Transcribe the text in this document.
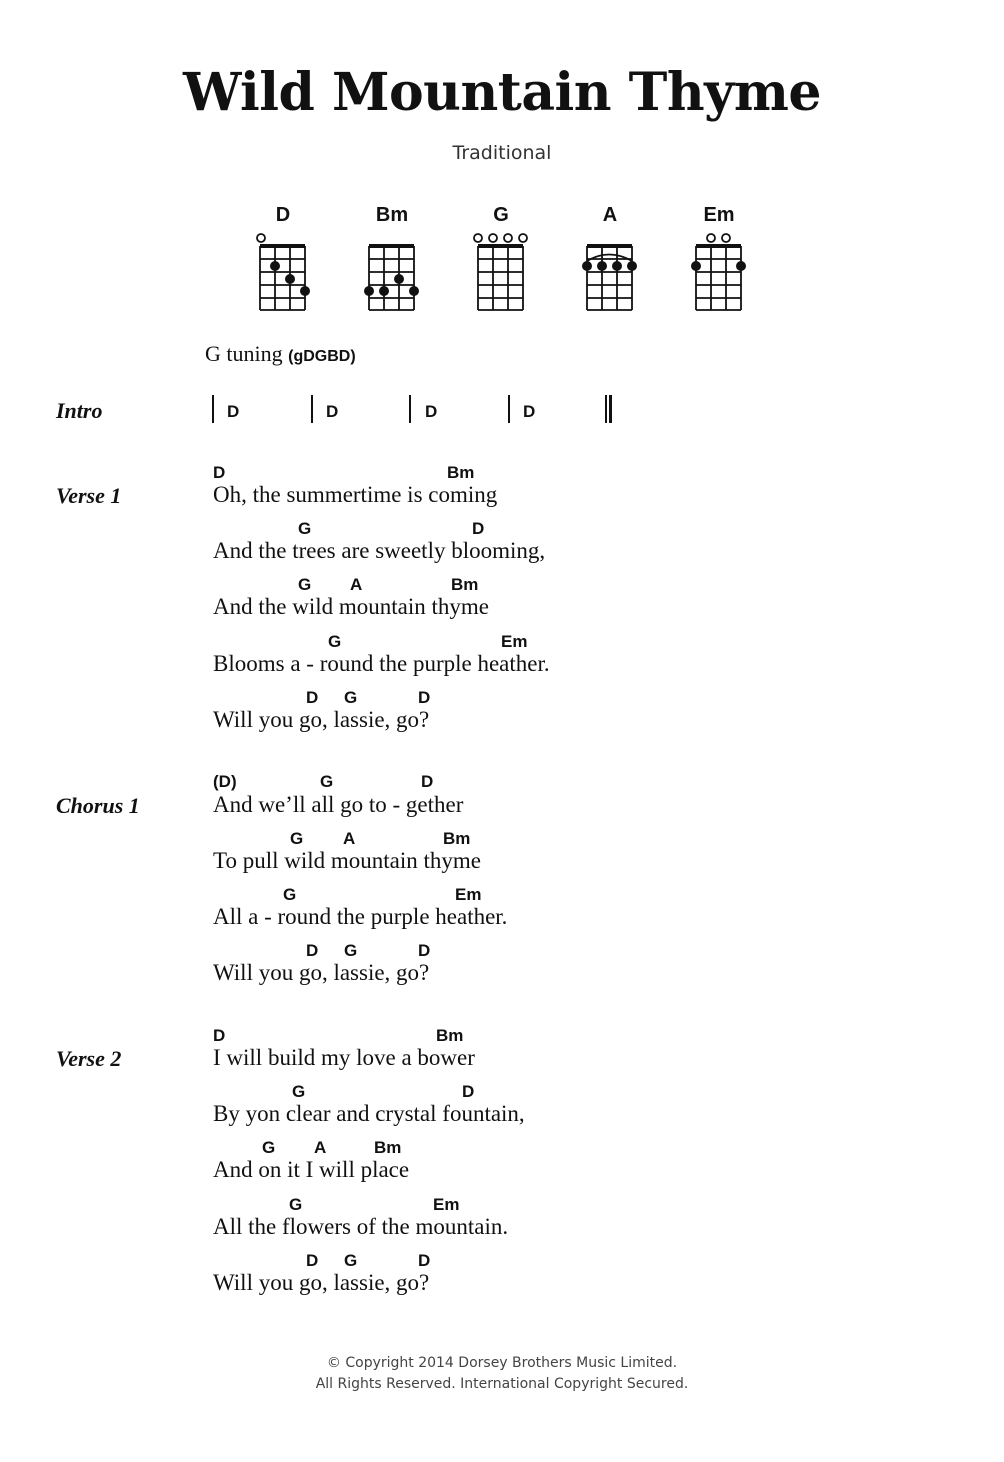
Wild Mountain Thyme
Traditional
D	Bm	G	A	Em
G tuning (gDGBD)
Intro	D	D	D	D
Verse 1
D	Bm
Oh, the summertime is coming
G	D
And the trees are sweetly blooming,
G A	Bm
And the wild mountain thyme
G	Em
Blooms a - round the purple heather.
D G	D
Will you go, lassie, go?
Chorus 1
(D)	G	D
And we’ll all go to - gether
G A	Bm
To pull wild mountain thyme
G	Em
All a - round the purple heather.
D G	D
Will you go, lassie, go?
Verse 2
D	Bm
I will build my love a bower
G	D
By yon clear and crystal fountain,
G A	Bm
And on it I will place
G	Em
All the flowers of the mountain.
D G	D
Will you go, lassie, go?
© Copyright 2014 Dorsey Brothers Music Limited.
All Rights Reserved. International Copyright Secured.
